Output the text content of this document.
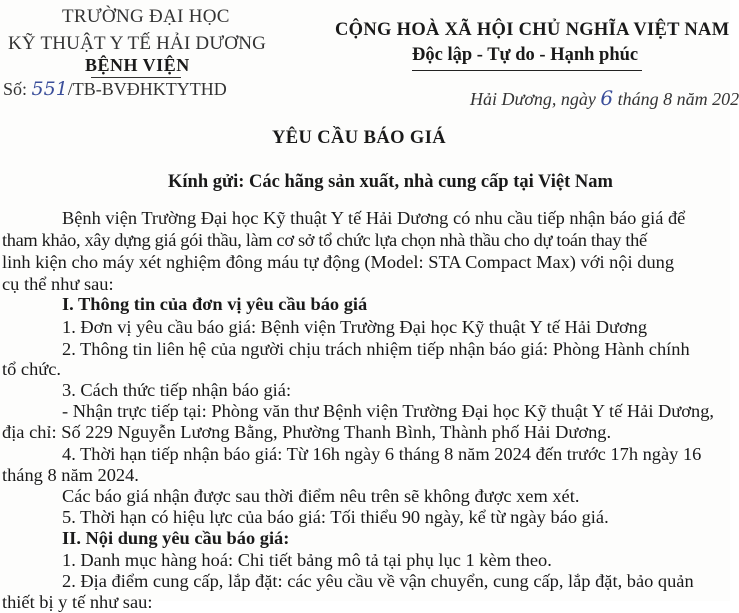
TRƯỜNG ĐẠI HỌC
KỸ THUẬT Y TẾ HẢI DƯƠNG
BỆNH VIỆN
Số: 551/TB-BVĐHKTYTHD
CỘNG HOÀ XÃ HỘI CHỦ NGHĨA VIỆT NAM
Độc lập - Tự do - Hạnh phúc
Hải Dương, ngày 6 tháng 8 năm 202
YÊU CẦU BÁO GIÁ
Kính gửi: Các hãng sản xuất, nhà cung cấp tại Việt Nam
Bệnh viện Trường Đại học Kỹ thuật Y tế Hải Dương có nhu cầu tiếp nhận báo giá để
tham khảo, xây dựng giá gói thầu, làm cơ sở tổ chức lựa chọn nhà thầu cho dự toán thay thế
linh kiện cho máy xét nghiệm đông máu tự động (Model: STA Compact Max) với nội dung
cụ thể như sau:
I. Thông tin của đơn vị yêu cầu báo giá
1. Đơn vị yêu cầu báo giá: Bệnh viện Trường Đại học Kỹ thuật Y tế Hải Dương
2. Thông tin liên hệ của người chịu trách nhiệm tiếp nhận báo giá: Phòng Hành chính
tổ chức.
3. Cách thức tiếp nhận báo giá:
- Nhận trực tiếp tại: Phòng văn thư Bệnh viện Trường Đại học Kỹ thuật Y tế Hải Dương,
địa chỉ: Số 229 Nguyễn Lương Bằng, Phường Thanh Bình, Thành phố Hải Dương.
4. Thời hạn tiếp nhận báo giá: Từ 16h ngày 6 tháng 8 năm 2024 đến trước 17h ngày 16
tháng 8 năm 2024.
Các báo giá nhận được sau thời điểm nêu trên sẽ không được xem xét.
5. Thời hạn có hiệu lực của báo giá: Tối thiểu 90 ngày, kể từ ngày báo giá.
II. Nội dung yêu cầu báo giá:
1. Danh mục hàng hoá: Chi tiết bảng mô tả tại phụ lục 1 kèm theo.
2. Địa điểm cung cấp, lắp đặt: các yêu cầu về vận chuyển, cung cấp, lắp đặt, bảo quản
thiết bị y tế như sau:
